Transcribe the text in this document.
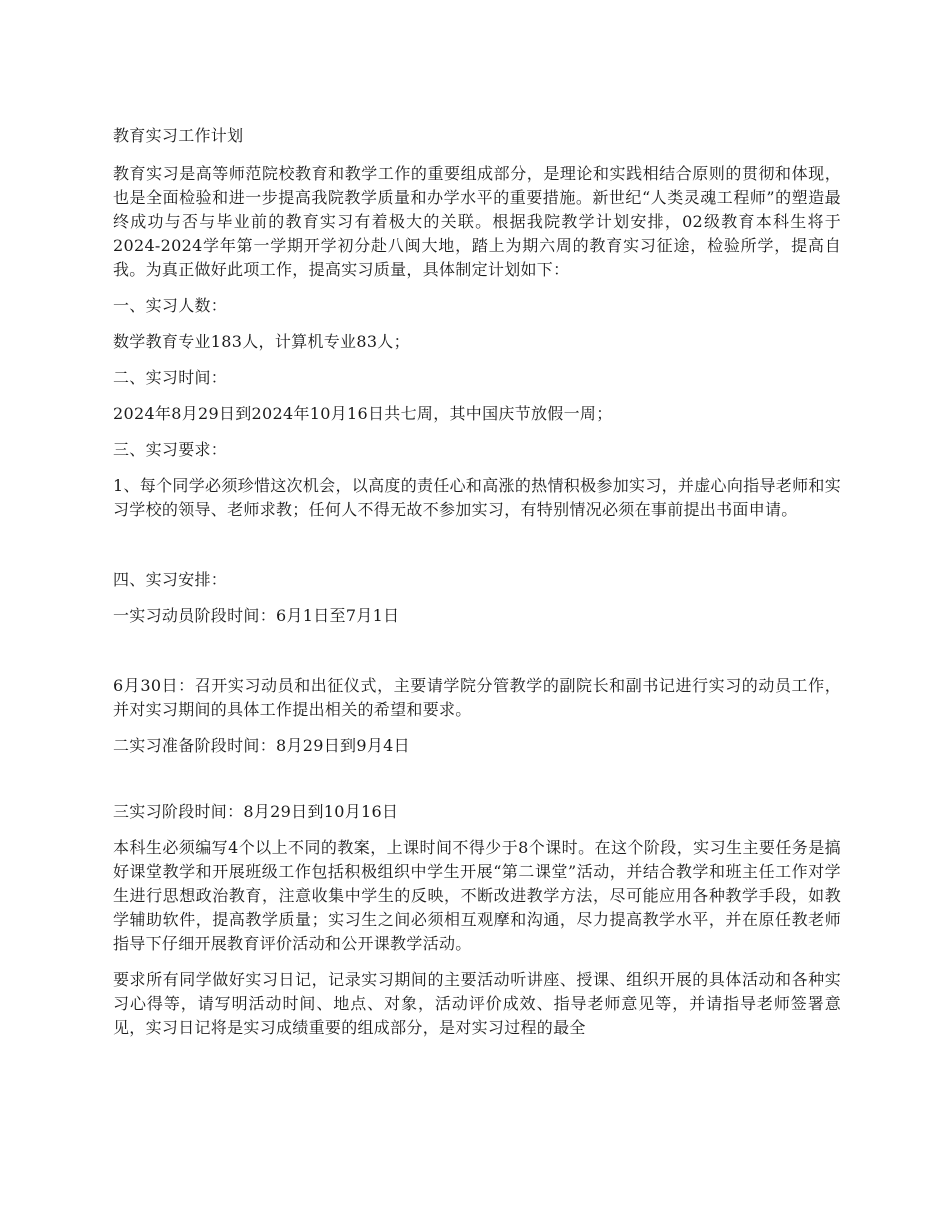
教育实习工作计划

教育实习是高等师范院校教育和教学工作的重要组成部分，是理论和实践相结合原则的贯彻和体现，也是全面检验和进一步提高我院教学质量和办学水平的重要措施。新世纪“人类灵魂工程师”的塑造最终成功与否与毕业前的教育实习有着极大的关联。根据我院教学计划安排，02级教育本科生将于2024-2024学年第一学期开学初分赴八闽大地，踏上为期六周的教育实习征途，检验所学，提高自我。为真正做好此项工作，提高实习质量，具体制定计划如下：

一、实习人数：

数学教育专业183人，计算机专业83人；

二、实习时间：

2024年8月29日到2024年10月16日共七周，其中国庆节放假一周；

三、实习要求：

1、每个同学必须珍惜这次机会，以高度的责任心和高涨的热情积极参加实习，并虚心向指导老师和实习学校的领导、老师求教；任何人不得无故不参加实习，有特别情况必须在事前提出书面申请。

四、实习安排：

一实习动员阶段时间：6月1日至7月1日

6月30日：召开实习动员和出征仪式，主要请学院分管教学的副院长和副书记进行实习的动员工作，并对实习期间的具体工作提出相关的希望和要求。

二实习准备阶段时间：8月29日到9月4日

三实习阶段时间：8月29日到10月16日

本科生必须编写4个以上不同的教案，上课时间不得少于8个课时。在这个阶段，实习生主要任务是搞好课堂教学和开展班级工作包括积极组织中学生开展“第二课堂”活动，并结合教学和班主任工作对学生进行思想政治教育，注意收集中学生的反映，不断改进教学方法，尽可能应用各种教学手段，如教学辅助软件，提高教学质量；实习生之间必须相互观摩和沟通，尽力提高教学水平，并在原任教老师指导下仔细开展教育评价活动和公开课教学活动。

要求所有同学做好实习日记，记录实习期间的主要活动听讲座、授课、组织开展的具体活动和各种实习心得等，请写明活动时间、地点、对象，活动评价成效、指导老师意见等，并请指导老师签署意见，实习日记将是实习成绩重要的组成部分，是对实习过程的最全
